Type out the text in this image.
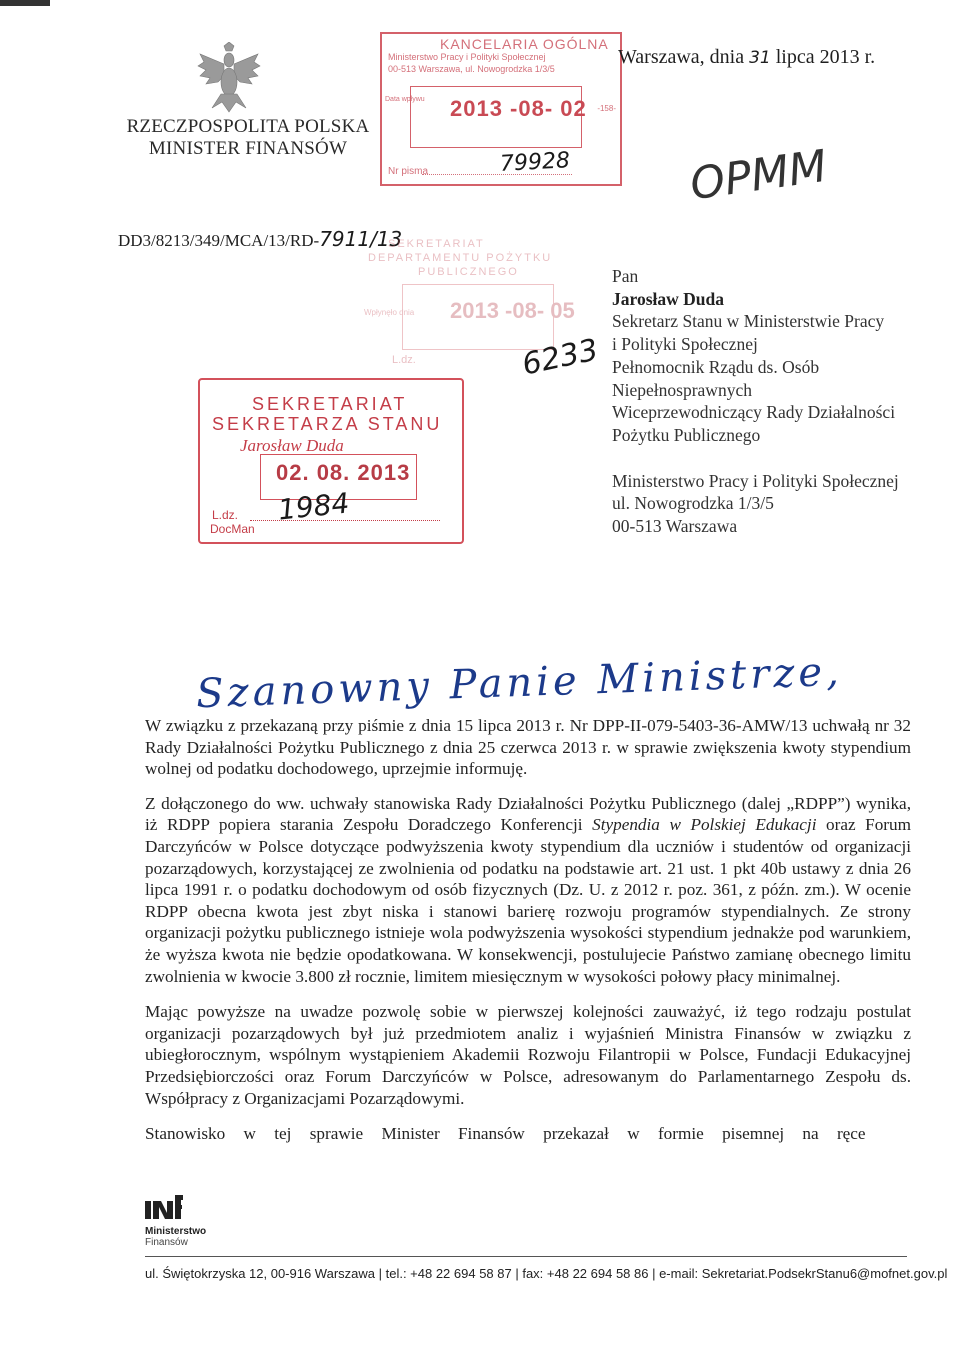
RZECZPOSPOLITA POLSKA
MINISTER FINANSÓW
KANCELARIA OGÓLNA
Ministerstwo Pracy i Polityki Społecznej
00-513 Warszawa, ul. Nowogrodzka 1/3/5
Data wpływu 2013 -08- 02 -158-
Nr pisma	79928
Warszawa, dnia 31 lipca 2013 r.
OPMM
DD3/8213/349/MCA/13/RD-7911/13
SEKRETARIAT
DEPARTAMENTU POŻYTKU
PUBLICZNEGO
Wpłynęło dnia 2013 -08- 05
L.dz.	6233
SEKRETARIAT
SEKRETARZA STANU
Jarosław Duda
02. 08. 2013
L.dz.
DocMan
1984
Pan
Jarosław Duda
Sekretarz Stanu w Ministerstwie Pracy
i Polityki Społecznej
Pełnomocnik Rządu ds. Osób
Niepełnosprawnych
Wiceprzewodniczący Rady Działalności
Pożytku Publicznego
Ministerstwo Pracy i Polityki Społecznej
ul. Nowogrodzka 1/3/5
00-513 Warszawa
Szanowny Panie Ministrze,

W związku z przekazaną przy piśmie z dnia 15 lipca 2013 r. Nr DPP-II-079-5403-36-AMW/13 uchwałą nr 32 Rady Działalności Pożytku Publicznego z dnia 25 czerwca 2013 r. w sprawie zwiększenia kwoty stypendium wolnej od podatku dochodowego, uprzejmie informuję.

Z dołączonego do ww. uchwały stanowiska Rady Działalności Pożytku Publicznego (dalej „RDPP”) wynika, iż RDPP popiera starania Zespołu Doradczego Konferencji Stypendia w Polskiej Edukacji oraz Forum Darczyńców w Polsce dotyczące podwyższenia kwoty stypendium dla uczniów i studentów od organizacji pozarządowych, korzystającej ze zwolnienia od podatku na podstawie art. 21 ust. 1 pkt 40b ustawy z dnia 26 lipca 1991 r. o podatku dochodowym od osób fizycznych (Dz. U. z 2012 r. poz. 361, z późn. zm.). W ocenie RDPP obecna kwota jest zbyt niska i stanowi barierę rozwoju programów stypendialnych. Ze strony organizacji pożytku publicznego istnieje wola podwyższenia wysokości stypendium jednakże pod warunkiem, że wyższa kwota nie będzie opodatkowana. W konsekwencji, postulujecie Państwo zamianę obecnego limitu zwolnienia w kwocie 3.800 zł rocznie, limitem miesięcznym w wysokości połowy płacy minimalnej.

Mając powyższe na uwadze pozwolę sobie w pierwszej kolejności zauważyć, iż tego rodzaju postulat organizacji pozarządowych był już przedmiotem analiz i wyjaśnień Ministra Finansów w związku z ubiegłorocznym, wspólnym wystąpieniem Akademii Rozwoju Filantropii w Polsce, Fundacji Edukacyjnej Przedsiębiorczości oraz Forum Darczyńców w Polsce, adresowanym do Parlamentarnego Zespołu ds. Współpracy z Organizacjami Pozarządowymi.

Stanowisko w tej sprawie Minister Finansów przekazał w formie pisemnej na ręce

Ministerstwo
Finansów
ul. Świętokrzyska 12, 00-916 Warszawa | tel.: +48 22 694 58 87 | fax: +48 22 694 58 86 | e-mail: Sekretariat.PodsekrStanu6@mofnet.gov.pl
